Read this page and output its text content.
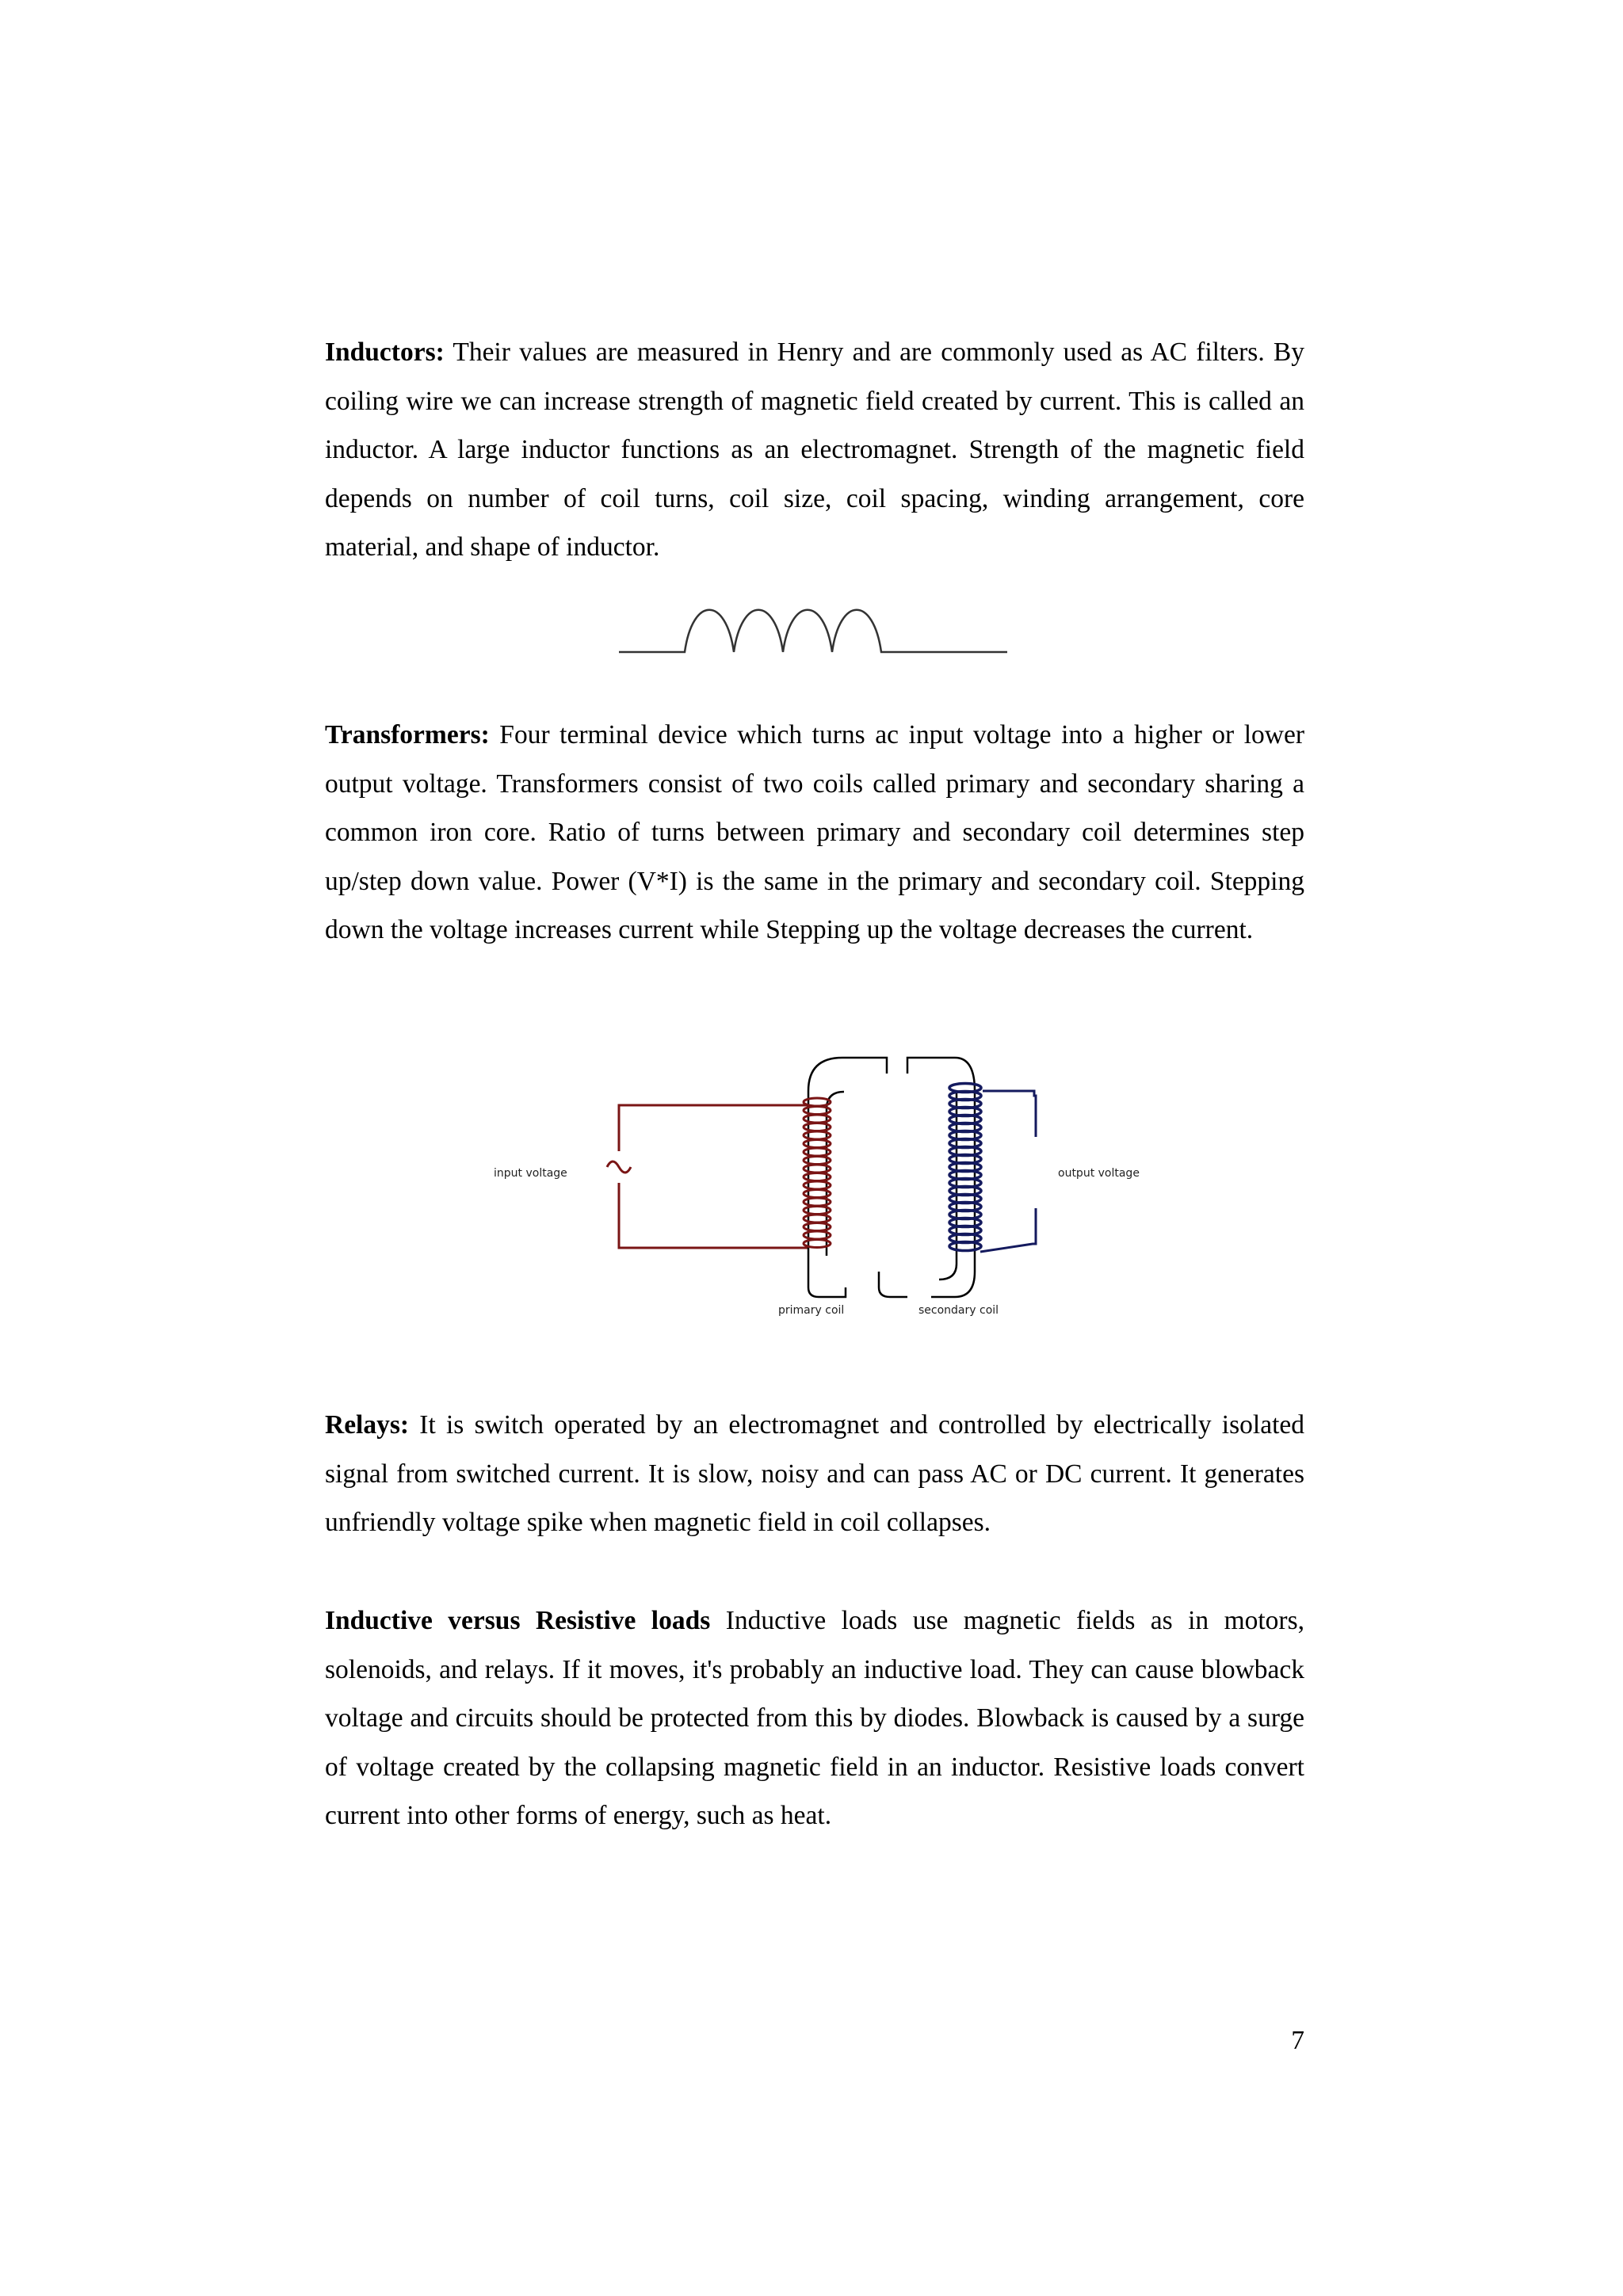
Inductors: Their values are measured in Henry and are commonly used as AC filters. By coiling wire we can increase strength of magnetic field created by current. This is called an inductor. A large inductor functions as an electromagnet. Strength of the magnetic field depends on number of coil turns, coil size, coil spacing, winding arrangement, core material, and shape of inductor.

Transformers: Four terminal device which turns ac input voltage into a higher or lower output voltage. Transformers consist of two coils called primary and secondary sharing a common iron core. Ratio of turns between primary and secondary coil determines step up/step down value. Power (V*I) is the same in the primary and secondary coil. Stepping down the voltage increases current while Stepping up the voltage decreases the current.

input voltage	output voltage
primary coil	secondary coil

Relays: It is switch operated by an electromagnet and controlled by electrically isolated signal from switched current. It is slow, noisy and can pass AC or DC current. It generates unfriendly voltage spike when magnetic field in coil collapses.

Inductive versus Resistive loads Inductive loads use magnetic fields as in motors, solenoids, and relays. If it moves, it's probably an inductive load. They can cause blowback voltage and circuits should be protected from this by diodes. Blowback is caused by a surge of voltage created by the collapsing magnetic field in an inductor. Resistive loads convert current into other forms of energy, such as heat.

7
